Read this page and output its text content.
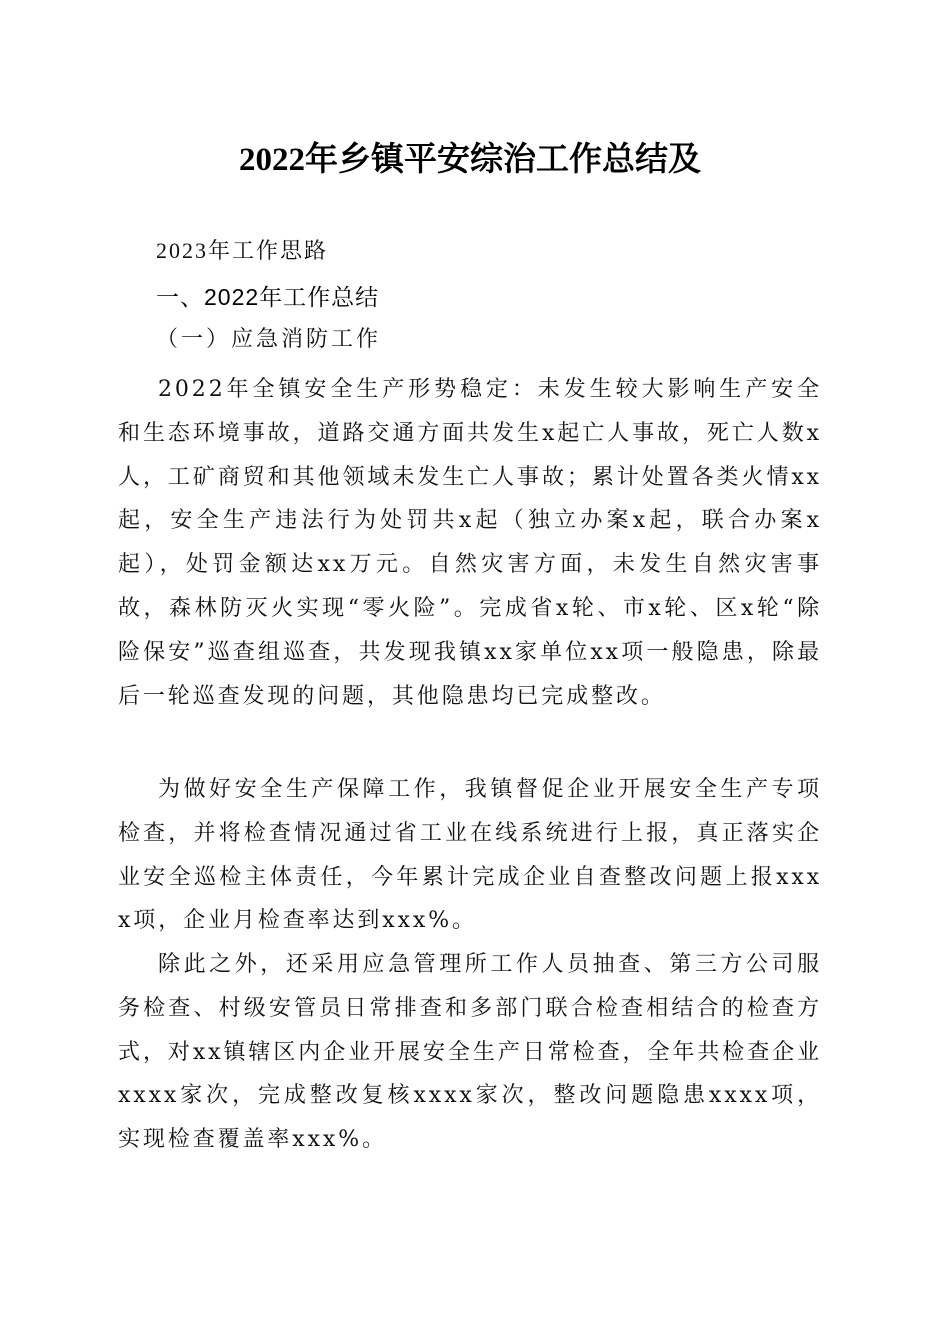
2022年乡镇平安综治工作总结及
2023年工作思路
一、2022年工作总结
（一）应急消防工作

2022年全镇安全生产形势稳定：未发生较大影响生产安全和生态环境事故，道路交通方面共发生x起亡人事故，死亡人数x人，工矿商贸和其他领域未发生亡人事故；累计处置各类火情xx起，安全生产违法行为处罚共x起（独立办案x起，联合办案x起），处罚金额达xx万元。自然灾害方面，未发生自然灾害事故，森林防灭火实现“零火险”。完成省x轮、市x轮、区x轮“除险保安”巡查组巡查，共发现我镇xx家单位xx项一般隐患，除最后一轮巡查发现的问题，其他隐患均已完成整改。

为做好安全生产保障工作，我镇督促企业开展安全生产专项检查，并将检查情况通过省工业在线系统进行上报，真正落实企业安全巡检主体责任，今年累计完成企业自查整改问题上报xxxx项，企业月检查率达到xxx%。

除此之外，还采用应急管理所工作人员抽查、第三方公司服务检查、村级安管员日常排查和多部门联合检查相结合的检查方式，对xx镇辖区内企业开展安全生产日常检查，全年共检查企业xxxx家次，完成整改复核xxxx家次，整改问题隐患xxxx项，实现检查覆盖率xxx%。
